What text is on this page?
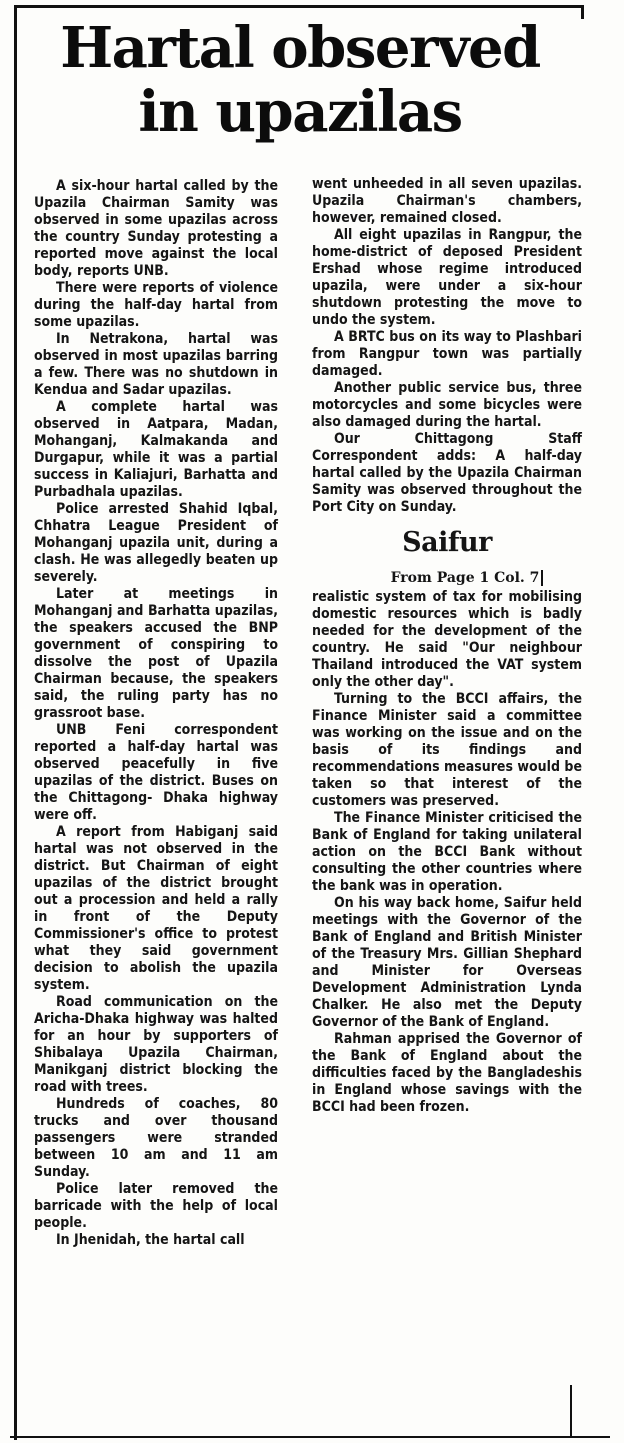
Hartal observed
in upazilas

A six-hour hartal called by the Upazila Chairman Samity was observed in some upazilas across the country Sunday protesting a reported move against the local body, reports UNB.

There were reports of violence during the half-day hartal from some upazilas.

In Netrakona, hartal was observed in most upazilas barring a few. There was no shutdown in Kendua and Sadar upazilas.

A complete hartal was observed in Aatpara, Madan, Mohanganj, Kalmakanda and Durgapur, while it was a partial success in Kaliajuri, Barhatta and Purbadhala upazilas.

Police arrested Shahid Iqbal, Chhatra League President of Mohanganj upazila unit, during a clash. He was allegedly beaten up severely.

Later at meetings in Mohanganj and Barhatta upazilas, the speakers accused the BNP government of conspiring to dissolve the post of Upazila Chairman because, the speakers said, the ruling party has no grassroot base.

UNB Feni correspondent reported a half-day hartal was observed peacefully in five upazilas of the district. Buses on the Chittagong- Dhaka highway were off.

A report from Habiganj said hartal was not observed in the district. But Chairman of eight upazilas of the district brought out a procession and held a rally in front of the Deputy Commissioner's office to protest what they said government decision to abolish the upazila system.

Road communication on the Aricha-Dhaka highway was halted for an hour by supporters of Shibalaya Upazila Chairman, Manikganj district blocking the road with trees.

Hundreds of coaches, 80 trucks and over thousand passengers were stranded between 10 am and 11 am Sunday.

Police later removed the barricade with the help of local people.

In Jhenidah, the hartal call

went unheeded in all seven upazilas. Upazila Chairman's chambers, however, remained closed.

All eight upazilas in Rangpur, the home-district of deposed President Ershad whose regime introduced upazila, were under a six-hour shutdown protesting the move to undo the system.

A BRTC bus on its way to Plashbari from Rangpur town was partially damaged.

Another public service bus, three motorcycles and some bicycles were also damaged during the hartal.

Our Chittagong Staff Correspondent adds: A half-day hartal called by the Upazila Chairman Samity was observed throughout the Port City on Sunday.

Saifur
From Page 1 Col. 7

realistic system of tax for mobilising domestic resources which is badly needed for the development of the country. He said "Our neighbour Thailand introduced the VAT system only the other day".

Turning to the BCCI affairs, the Finance Minister said a committee was working on the issue and on the basis of its findings and recommendations measures would be taken so that interest of the customers was preserved.

The Finance Minister criticised the Bank of England for taking unilateral action on the BCCI Bank without consulting the other countries where the bank was in operation.

On his way back home, Saifur held meetings with the Governor of the Bank of England and British Minister of the Treasury Mrs. Gillian Shephard and Minister for Overseas Development Administration Lynda Chalker. He also met the Deputy Governor of the Bank of England.

Rahman apprised the Governor of the Bank of England about the difficulties faced by the Bangladeshis in England whose savings with the BCCI had been frozen.
